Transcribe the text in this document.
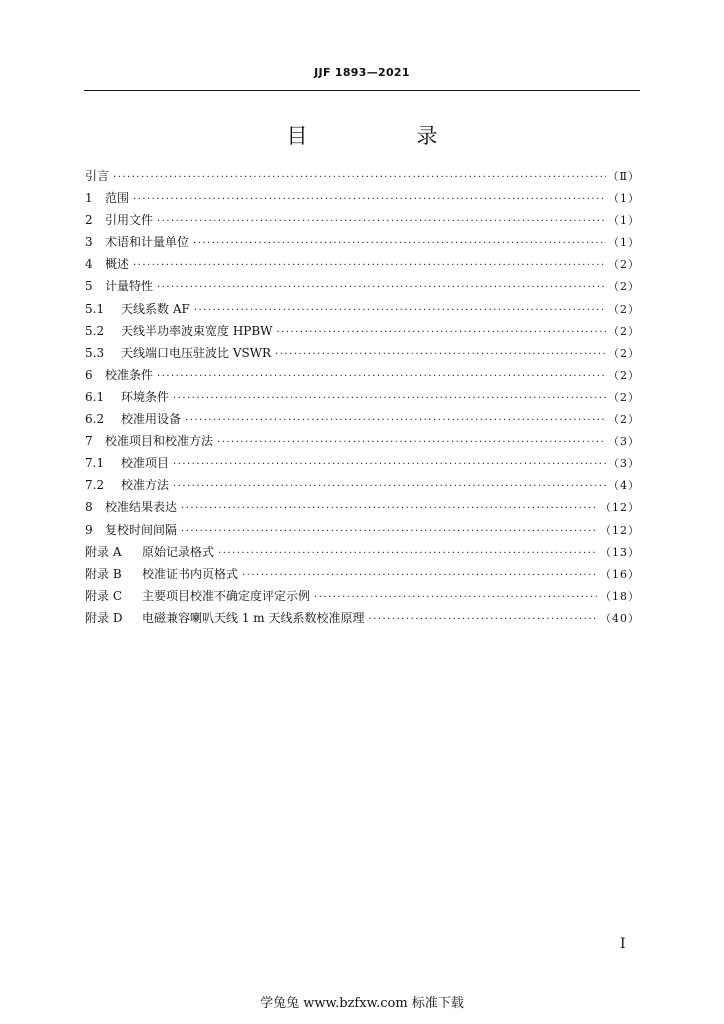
JJF 1893—2021
目　录
引言 ·····	（Ⅱ）
1	范围 ·····	（1）
2	引用文件 ·····	（1）
3	术语和计量单位 ·····	（1）
4	概述 ·····	（2）
5	计量特性 ·····	（2）
5.1	天线系数 AF ·····	（2）
5.2	天线半功率波束宽度 HPBW ·····	（2）
5.3	天线端口电压驻波比 VSWR ·····	（2）
6	校准条件 ·····	（2）
6.1	环境条件 ·····	（2）
6.2	校准用设备 ·····	（2）
7	校准项目和校准方法 ·····	（3）
7.1	校准项目 ·····	（3）
7.2	校准方法 ·····	（4）
8	校准结果表达 ·····	（12）
9	复校时间间隔 ·····	（12）
附录 A	原始记录格式 ·····	（13）
附录 B	校准证书内页格式 ·····	（16）
附录 C	主要项目校准不确定度评定示例 ·····	（18）
附录 D	电磁兼容喇叭天线 1 m 天线系数校准原理 ·····	（40）
I
学兔兔 www.bzfxw.com 标准下载
